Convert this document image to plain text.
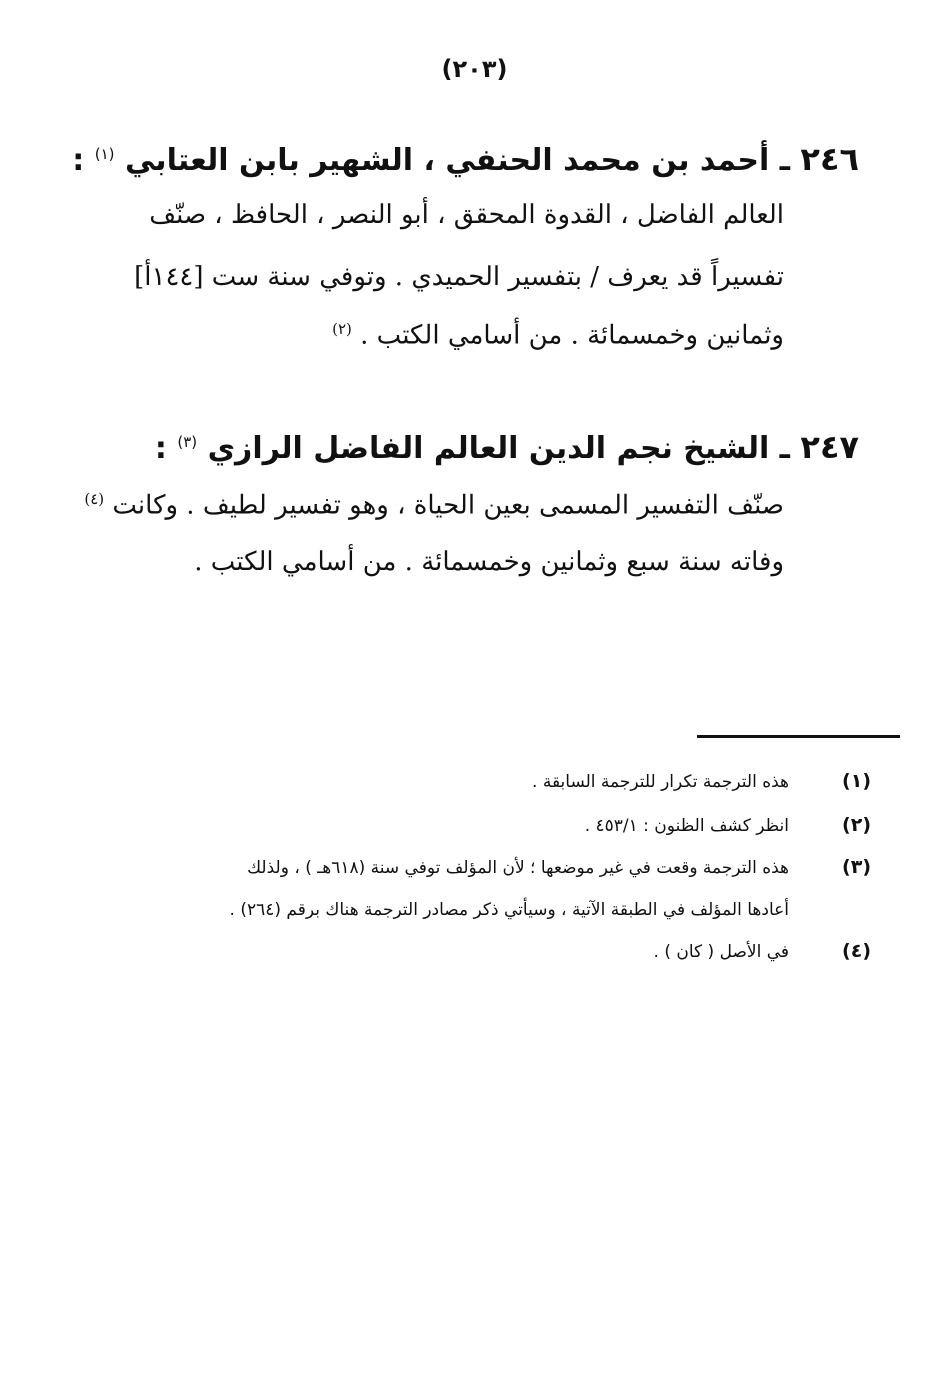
(٢٠٣)
٢٤٦ ـ أحمد بن محمد الحنفي ، الشهير بابن العتابي $^{(١)}$ :
العالم الفاضل ، القدوة المحقق ، أبو النصر ، الحافظ ، صنّف
تفسيراً قد يعرف / بتفسير الحميدي . وتوفي سنة ست [١٤٤أ]
وثمانين وخمسمائة . من أسامي الكتب . $^{(٢)}$
٢٤٧ ـ الشيخ نجم الدين العالم الفاضل الرازي $^{(٣)}$ :
صنّف التفسير المسمى بعين الحياة ، وهو تفسير لطيف . وكانت $^{(٤)}$
وفاته سنة سبع وثمانين وخمسمائة . من أسامي الكتب .
(١)
هذه الترجمة تكرار للترجمة السابقة .
(٢)
انظر كشف الظنون : ٤٥٣/١ .
(٣)
هذه الترجمة وقعت في غير موضعها ؛ لأن المؤلف توفي سنة (٦١٨هـ ) ، ولذلك
أعادها المؤلف في الطبقة الآتية ، وسيأتي ذكر مصادر الترجمة هناك برقم (٢٦٤) .
(٤)
في الأصل ( كان ) .
